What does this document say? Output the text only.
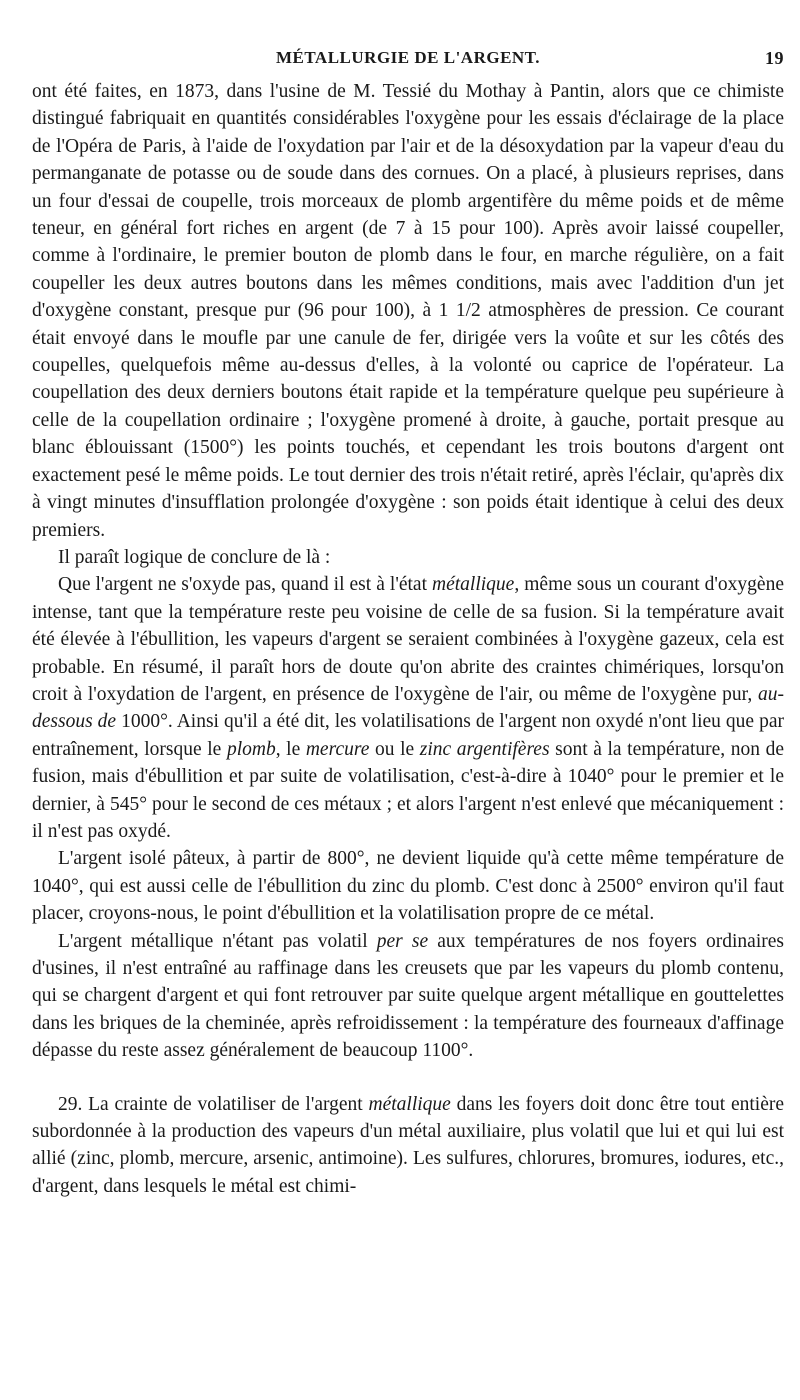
MÉTALLURGIE DE L'ARGENT.	19

ont été faites, en 1873, dans l'usine de M. Tessié du Mothay à Pantin, alors que ce chimiste distingué fabriquait en quantités considérables l'oxygène pour les essais d'éclairage de la place de l'Opéra de Paris, à l'aide de l'oxydation par l'air et de la désoxydation par la vapeur d'eau du permanganate de potasse ou de soude dans des cornues. On a placé, à plusieurs reprises, dans un four d'essai de coupelle, trois morceaux de plomb argentifère du même poids et de même teneur, en général fort riches en argent (de 7 à 15 pour 100). Après avoir laissé coupeller, comme à l'ordinaire, le premier bouton de plomb dans le four, en marche régulière, on a fait coupeller les deux autres boutons dans les mêmes conditions, mais avec l'addition d'un jet d'oxygène constant, presque pur (96 pour 100), à 1 1/2 atmosphères de pression. Ce courant était envoyé dans le moufle par une canule de fer, dirigée vers la voûte et sur les côtés des coupelles, quelquefois même au-dessus d'elles, à la volonté ou caprice de l'opérateur. La coupellation des deux derniers boutons était rapide et la température quelque peu supérieure à celle de la coupellation ordinaire ; l'oxygène promené à droite, à gauche, portait presque au blanc éblouissant (1500°) les points touchés, et cependant les trois boutons d'argent ont exactement pesé le même poids. Le tout dernier des trois n'était retiré, après l'éclair, qu'après dix à vingt minutes d'insufflation prolongée d'oxygène : son poids était identique à celui des deux premiers.

Il paraît logique de conclure de là :

Que l'argent ne s'oxyde pas, quand il est à l'état métallique, même sous un courant d'oxygène intense, tant que la température reste peu voisine de celle de sa fusion. Si la température avait été élevée à l'ébullition, les vapeurs d'argent se seraient combinées à l'oxygène gazeux, cela est probable. En résumé, il paraît hors de doute qu'on abrite des craintes chimériques, lorsqu'on croit à l'oxydation de l'argent, en présence de l'oxygène de l'air, ou même de l'oxygène pur, au-dessous de 1000°. Ainsi qu'il a été dit, les volatilisations de l'argent non oxydé n'ont lieu que par entraînement, lorsque le plomb, le mercure ou le zinc argentifères sont à la température, non de fusion, mais d'ébullition et par suite de volatilisation, c'est-à-dire à 1040° pour le premier et le dernier, à 545° pour le second de ces métaux ; et alors l'argent n'est enlevé que mécaniquement : il n'est pas oxydé.

L'argent isolé pâteux, à partir de 800°, ne devient liquide qu'à cette même température de 1040°, qui est aussi celle de l'ébullition du zinc du plomb. C'est donc à 2500° environ qu'il faut placer, croyons-nous, le point d'ébullition et la volatilisation propre de ce métal.

L'argent métallique n'étant pas volatil per se aux températures de nos foyers ordinaires d'usines, il n'est entraîné au raffinage dans les creusets que par les vapeurs du plomb contenu, qui se chargent d'argent et qui font retrouver par suite quelque argent métallique en gouttelettes dans les briques de la cheminée, après refroidissement : la température des fourneaux d'affinage dépasse du reste assez généralement de beaucoup 1100°.

29. La crainte de volatiliser de l'argent métallique dans les foyers doit donc être tout entière subordonnée à la production des vapeurs d'un métal auxiliaire, plus volatil que lui et qui lui est allié (zinc, plomb, mercure, arsenic, antimoine). Les sulfures, chlorures, bromures, iodures, etc., d'argent, dans lesquels le métal est chimi-
